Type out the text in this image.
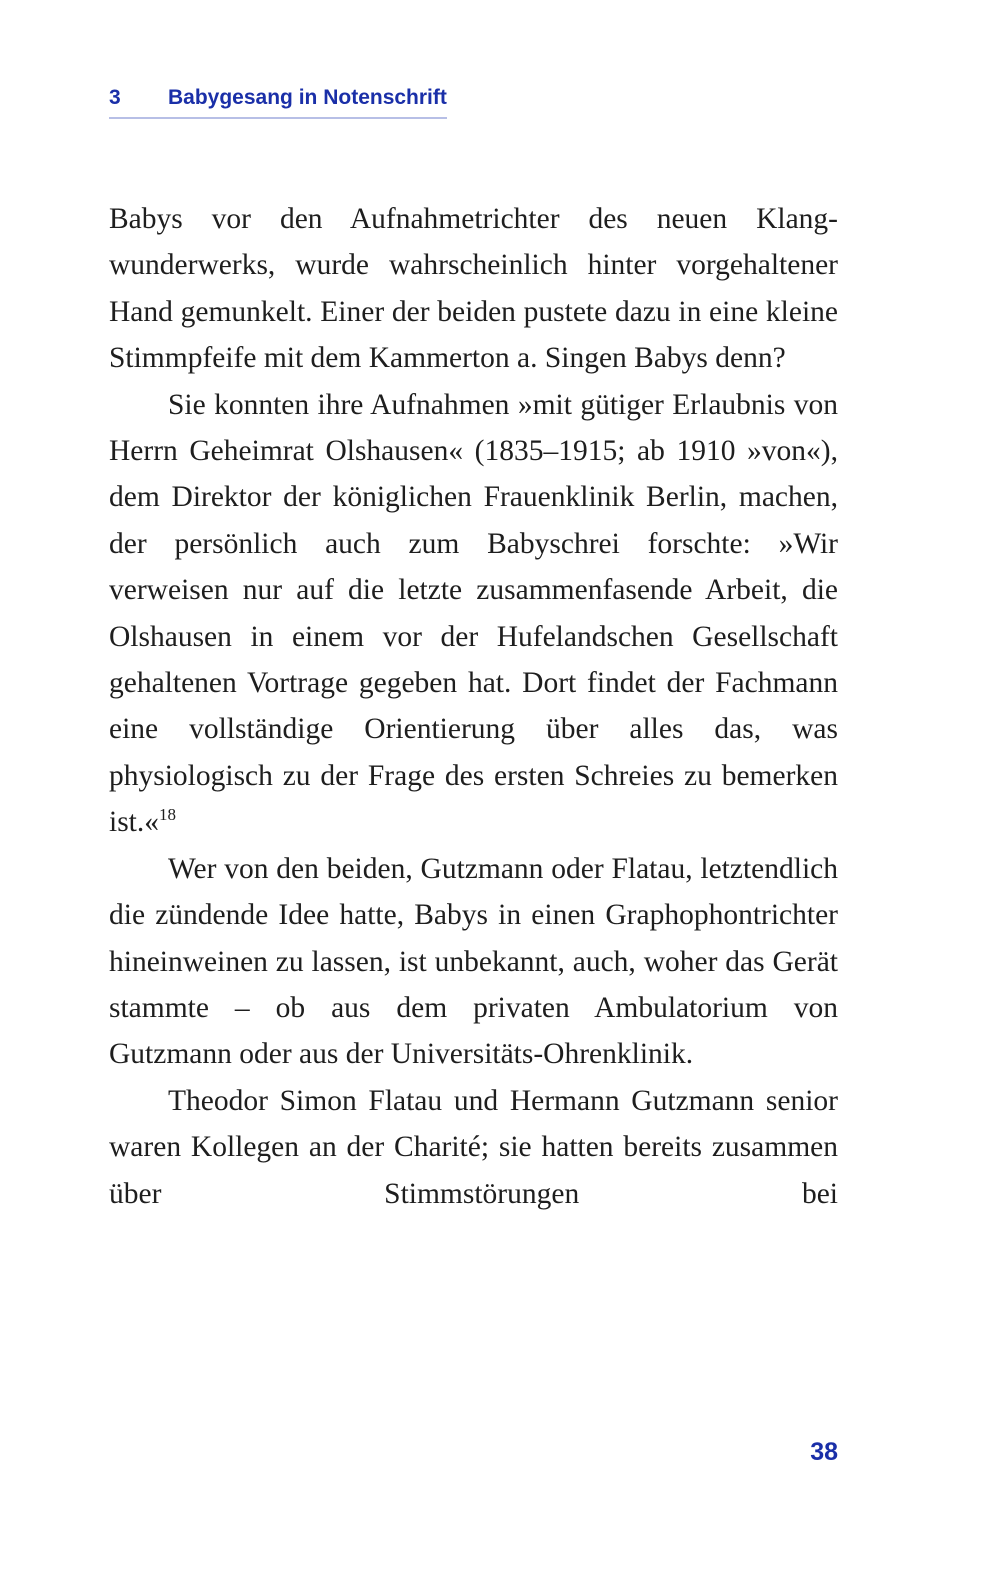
3	Babygesang in Notenschrift

Babys vor den Aufnahmetrichter des neuen Klangwunderwerks, wurde wahrscheinlich hinter vorgehaltener Hand gemunkelt. Einer der beiden pustete dazu in eine kleine Stimmpfeife mit dem Kammerton a. Singen Babys denn?

Sie konnten ihre Aufnahmen »mit gütiger Erlaubnis von Herrn Geheimrat Olshausen« (1835–1915; ab 1910 »von«), dem Direktor der königlichen Frauenklinik Berlin, machen, der persönlich auch zum Babyschrei forschte: »Wir verweisen nur auf die letzte zusammenfasende Arbeit, die Olshausen in einem vor der Hufelandschen Gesellschaft gehaltenen Vortrage gegeben hat. Dort findet der Fachmann eine vollständige Orientierung über alles das, was physiologisch zu der Frage des ersten Schreies zu bemerken ist.«$^{18}$

Wer von den beiden, Gutzmann oder Flatau, letztendlich die zündende Idee hatte, Babys in einen Graphophontrichter hineinweinen zu lassen, ist unbekannt, auch, woher das Gerät stammte – ob aus dem privaten Ambulatorium von Gutzmann oder aus der Universitäts-Ohrenklinik.

Theodor Simon Flatau und Hermann Gutzmann senior waren Kollegen an der Charité; sie hatten bereits zusammen über Stimmstörungen bei

38
